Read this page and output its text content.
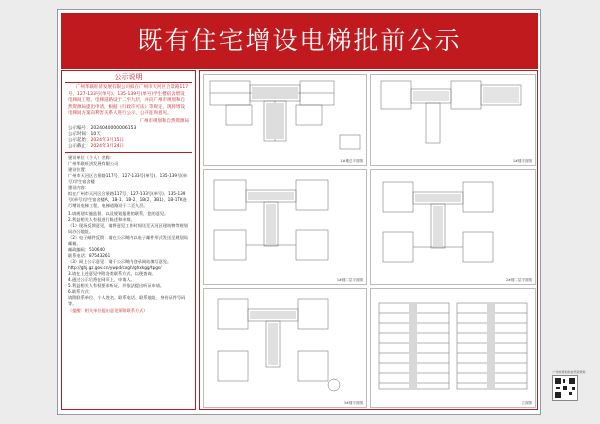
既有住宅增设电梯批前公示
公示说明
广州华联旺济发展有限公司拟在广州市天河区合景路117号、127-133号(单号)、135-139号(单号)学生楼宿舍增设电梯间工程，电梯道路设于二至九层，并向广州市规划和自然资源局提出申请，根据《行政许可法》等规定，现将增设电梯间方案向利害关系人进行公示，公开征询意见。
广州市规划和自然资源局
公示编号：2024040000006153
公示时间：10天
公示起始：2024年3月15日
公示截止：2024年3月24日
建设单位（个人）名称：
广州华联旺济发展有限公司
建设位置：
广州市天河区合景路117号、127-133号(单号)、135-139号(单号)学生宿舍楼
建设内容：
拟在广州市天河区合景路117号、127-133号(单号)、135-139号(单号)学生宿舍楼A、1B-1、1B-2、1B(2、3B1)、1B-1TK进行增设电梯工程，电梯道路设于二至九层。
1.请规划实施监督、以及规划报建的联系，您的意见。
2.利益相关人有权进行陈述和申辩。
（1）现场反馈意见，请将意见工作时间送至天河区建筑物等规划局办公地址。
（2）电子邮件反馈：请在公示期内以电子邮件形式发送至规划局邮箱。
邮政编码：510640
联系电话：87543261
（3）网上公示意见：请于公示期内登录网站填写意见。
http://ghj.gz.gov.cn/ywpd/cxgh/ghxkgg/tpgs/
3.请在上述意见中附各类联系方式，以便查询。
4.通过公示后将在网页上，申请人。
5.利益相关人有权要求听证，并依法提出听证申请。
6.联系方式：
请附联系单位、个人姓名、联系电话、联系地址、身份证件号码等。
（提醒：相关单位提出意见须附联系方式）
1#楼总平面图	1#楼平面图
1#楼二层平面图	2#楼二层平面图
3#楼平面图	立面图
广州市规划和自然资源局
